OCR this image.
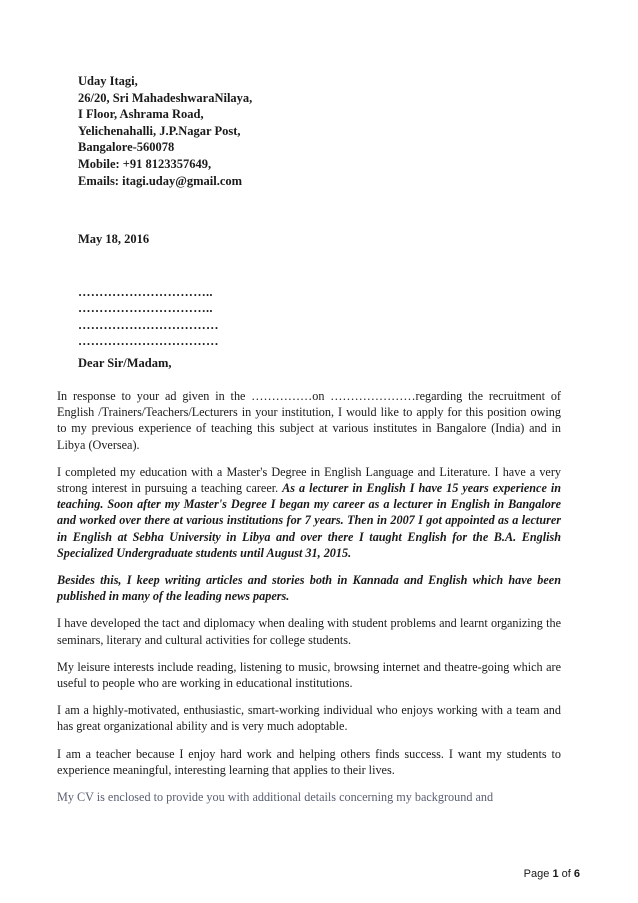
Uday Itagi,
26/20, Sri MahadeshwaraNilaya,
I Floor, Ashrama Road,
Yelichenahalli, J.P.Nagar Post,
Bangalore-560078
Mobile: +91 8123357649,
Emails: itagi.uday@gmail.com
May 18, 2016
…………………………..
…………………………..
……………………………
……………………………
Dear Sir/Madam,

In response to your ad given in the ……………on …………………regarding the recruitment of English /Trainers/Teachers/Lecturers in your institution, I would like to apply for this position owing to my previous experience of teaching this subject at various institutes in Bangalore (India) and in Libya (Oversea).

I completed my education with a Master's Degree in English Language and Literature. I have a very strong interest in pursuing a teaching career. As a lecturer in English I have 15 years experience in teaching. Soon after my Master's Degree I began my career as a lecturer in English in Bangalore and worked over there at various institutions for 7 years. Then in 2007 I got appointed as a lecturer in English at Sebha University in Libya and over there I taught English for the B.A. English Specialized Undergraduate students until August 31, 2015.

Besides this, I keep writing articles and stories both in Kannada and English which have been published in many of the leading news papers.

I have developed the tact and diplomacy when dealing with student problems and learnt organizing the seminars, literary and cultural activities for college students.

My leisure interests include reading, listening to music, browsing internet and theatre-going which are useful to people who are working in educational institutions.

I am a highly-motivated, enthusiastic, smart-working individual who enjoys working with a team and has great organizational ability and is very much adoptable.

I am a teacher because I enjoy hard work and helping others finds success. I want my students to experience meaningful, interesting learning that applies to their lives.

My CV is enclosed to provide you with additional details concerning my background and

Page 1 of 6
